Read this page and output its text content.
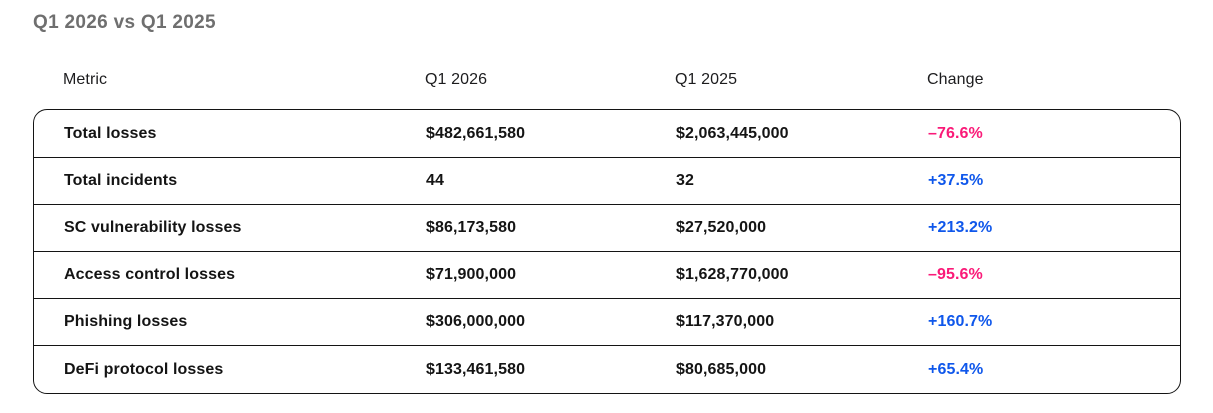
Q1 2026 vs Q1 2025
Metric	Q1 2026	Q1 2025	Change
Total losses	$482,661,580	$2,063,445,000	–76.6%
Total incidents	44	32	+37.5%
SC vulnerability losses	$86,173,580	$27,520,000	+213.2%
Access control losses	$71,900,000	$1,628,770,000	–95.6%
Phishing losses	$306,000,000	$117,370,000	+160.7%
DeFi protocol losses	$133,461,580	$80,685,000	+65.4%
